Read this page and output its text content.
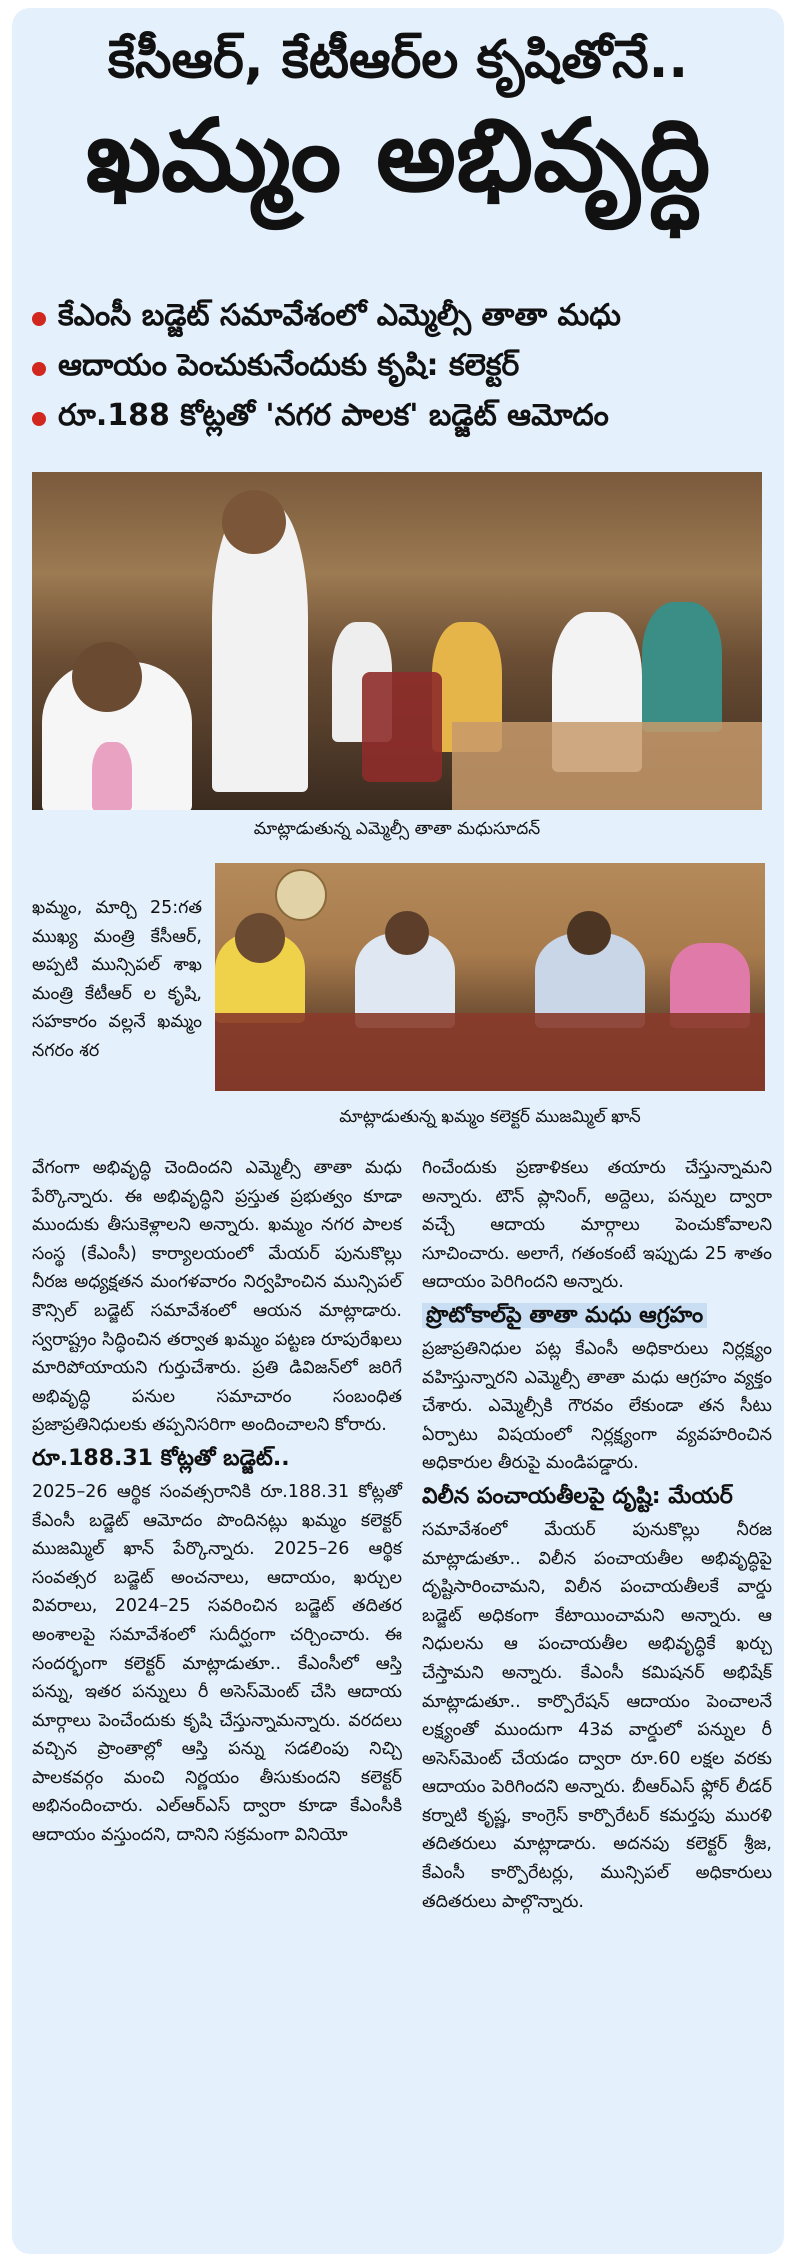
కేసీఆర్, కేటీఆర్‌ల కృషితోనే..
ఖమ్మం అభివృద్ధి
కేఎంసీ బడ్జెట్ సమావేశంలో ఎమ్మెల్సీ తాతా మధు
ఆదాయం పెంచుకునేందుకు కృషి: కలెక్టర్
రూ.188 కోట్లతో 'నగర పాలక' బడ్జెట్ ఆమోదం
మాట్లాడుతున్న ఎమ్మెల్సీ తాతా మధుసూదన్
మాట్లాడుతున్న ఖమ్మం కలెక్టర్ ముజమ్మిల్ ఖాన్

ఖమ్మం, మార్చి 25:గత ముఖ్య మంత్రి కేసీఆర్, అప్పటి మున్సిపల్ శాఖ మంత్రి కేటీఆర్ ల కృషి, సహకారం వల్లనే ఖమ్మం నగరం శర

వేగంగా అభివృద్ధి చెందిందని ఎమ్మెల్సీ తాతా మధు పేర్కొన్నారు. ఈ అభివృద్ధిని ప్రస్తుత ప్రభుత్వం కూడా ముందుకు తీసుకెళ్లాలని అన్నారు. ఖమ్మం నగర పాలక సంస్థ (కేఎంసీ) కార్యాలయంలో మేయర్ పునుకొల్లు నీరజ అధ్యక్షతన మంగళవారం నిర్వహించిన మున్సిపల్ కౌన్సిల్ బడ్జెట్ సమావేశంలో ఆయన మాట్లాడారు. స్వరాష్ట్రం సిద్ధించిన తర్వాత ఖమ్మం పట్టణ రూపురేఖలు మారిపోయాయని గుర్తుచేశారు. ప్రతి డివిజన్‌లో జరిగే అభివృద్ధి పనుల సమాచారం సంబంధిత ప్రజాప్రతినిధులకు తప్పనిసరిగా అందించాలని కోరారు.

రూ.188.31 కోట్లతో బడ్జెట్..

2025–26 ఆర్థిక సంవత్సరానికి రూ.188.31 కోట్లతో కేఎంసీ బడ్జెట్ ఆమోదం పొందినట్లు ఖమ్మం కలెక్టర్ ముజమ్మిల్ ఖాన్ పేర్కొన్నారు. 2025–26 ఆర్థిక సంవత్సర బడ్జెట్ అంచనాలు, ఆదాయం, ఖర్చుల వివరాలు, 2024–25 సవరించిన బడ్జెట్ తదితర అంశాలపై సమావేశంలో సుదీర్ఘంగా చర్చించారు. ఈ సందర్భంగా కలెక్టర్ మాట్లాడుతూ.. కేఎంసీలో ఆస్తి పన్ను, ఇతర పన్నులు రీ అసెస్‌మెంట్ చేసి ఆదాయ మార్గాలు పెంచేందుకు కృషి చేస్తున్నామన్నారు. వరదలు వచ్చిన ప్రాంతాల్లో ఆస్తి పన్ను సడలింపు నిచ్చి పాలకవర్గం మంచి నిర్ణయం తీసుకుందని కలెక్టర్ అభినందించారు. ఎల్ఆర్ఎస్ ద్వారా కూడా కేఎంసీకి ఆదాయం వస్తుందని, దానిని సక్రమంగా వినియో

గించేందుకు ప్రణాళికలు తయారు చేస్తున్నామని అన్నారు. టౌన్ ప్లానింగ్, అద్దెలు, పన్నుల ద్వారా వచ్చే ఆదాయ మార్గాలు పెంచుకోవాలని సూచించారు. అలాగే, గతంకంటే ఇప్పుడు 25 శాతం ఆదాయం పెరిగిందని అన్నారు.

ప్రొటోకాల్‌పై తాతా మధు ఆగ్రహం

ప్రజాప్రతినిధుల పట్ల కేఎంసీ అధికారులు నిర్లక్ష్యం వహిస్తున్నారని ఎమ్మెల్సీ తాతా మధు ఆగ్రహం వ్యక్తం చేశారు. ఎమ్మెల్సీకి గౌరవం లేకుండా తన సీటు ఏర్పాటు విషయంలో నిర్లక్ష్యంగా వ్యవహరించిన అధికారుల తీరుపై మండిపడ్డారు.

విలీన పంచాయతీలపై దృష్టి: మేయర్

సమావేశంలో మేయర్ పునుకొల్లు నీరజ మాట్లాడుతూ.. విలీన పంచాయతీల అభివృద్ధిపై దృష్టిసారించామని, విలీన పంచాయతీలకే వార్డు బడ్జెట్ అధికంగా కేటాయించామని అన్నారు. ఆ నిధులను ఆ పంచాయతీల అభివృద్ధికే ఖర్చు చేస్తామని అన్నారు. కేఎంసీ కమిషనర్ అభిషేక్ మాట్లాడుతూ.. కార్పొరేషన్ ఆదాయం పెంచాలనే లక్ష్యంతో ముందుగా 43వ వార్డులో పన్నుల రీ అసెస్‌మెంట్ చేయడం ద్వారా రూ.60 లక్షల వరకు ఆదాయం పెరిగిందని అన్నారు. బీఆర్ఎస్ ఫ్లోర్ లీడర్ కర్నాటి కృష్ణ, కాంగ్రెస్ కార్పొరేటర్ కమర్తపు మురళి తదితరులు మాట్లాడారు. అదనపు కలెక్టర్ శ్రీజ, కేఎంసీ కార్పొరేటర్లు, మున్సిపల్ అధికారులు తదితరులు పాల్గొన్నారు.
